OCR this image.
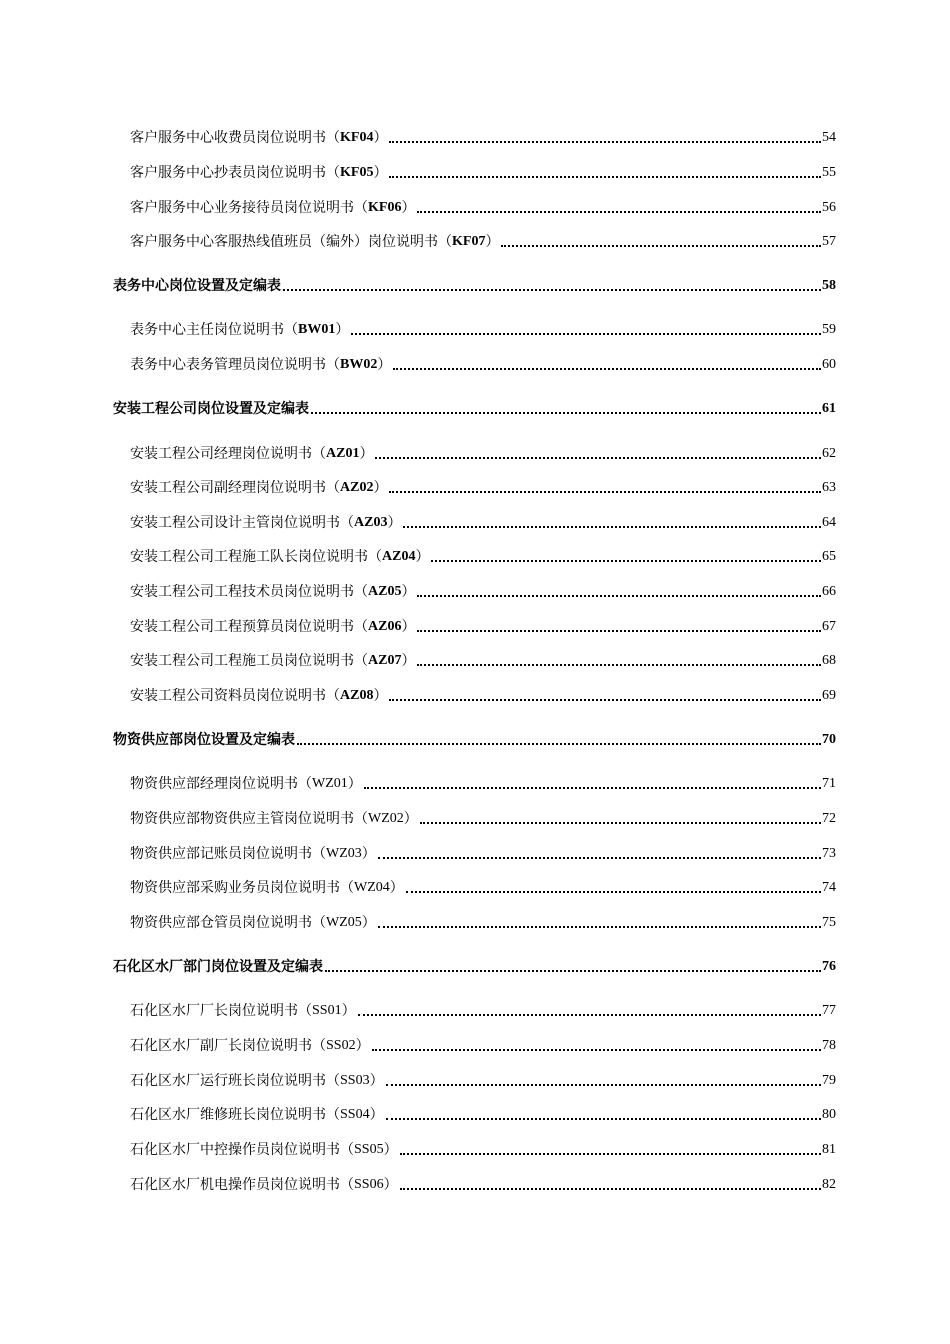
客户服务中心收费员岗位说明书（ KF04 ）	54
客户服务中心抄表员岗位说明书（ KF05 ）	55
客户服务中心业务接待员岗位说明书（ KF06 ）	56
客户服务中心客服热线值班员（编外）岗位说明书（ KF07 ）	57
表务中心岗位设置及定编表	58
表务中心主任岗位说明书（ BW01 ）	59
表务中心表务管理员岗位说明书（ BW02 ）	60
安装工程公司岗位设置及定编表	61
安装工程公司经理岗位说明书（ AZ01 ）	62
安装工程公司副经理岗位说明书（ AZ02 ）	63
安装工程公司设计主管岗位说明书（ AZ03 ）	64
安装工程公司工程施工队长岗位说明书（ AZ04 ）	65
安装工程公司工程技术员岗位说明书（ AZ05 ）	66
安装工程公司工程预算员岗位说明书（ AZ06 ）	67
安装工程公司工程施工员岗位说明书（ AZ07 ）	68
安装工程公司资料员岗位说明书（ AZ08 ）	69
物资供应部岗位设置及定编表	70
物资供应部经理岗位说明书（ WZ01 ）	71
物资供应部物资供应主管岗位说明书（ WZ02 ）	72
物资供应部记账员岗位说明书（ WZ03 ）	73
物资供应部采购业务员岗位说明书（ WZ04 ）	74
物资供应部仓管员岗位说明书（ WZ05 ）	75
石化区水厂部门岗位设置及定编表	76
石化区水厂厂长岗位说明书（ SS01 ）	77
石化区水厂副厂长岗位说明书（ SS02 ）	78
石化区水厂运行班长岗位说明书（ SS03 ）	79
石化区水厂维修班长岗位说明书（ SS04 ）	80
石化区水厂中控操作员岗位说明书（ SS05 ）	81
石化区水厂机电操作员岗位说明书（ SS06 ）	82
